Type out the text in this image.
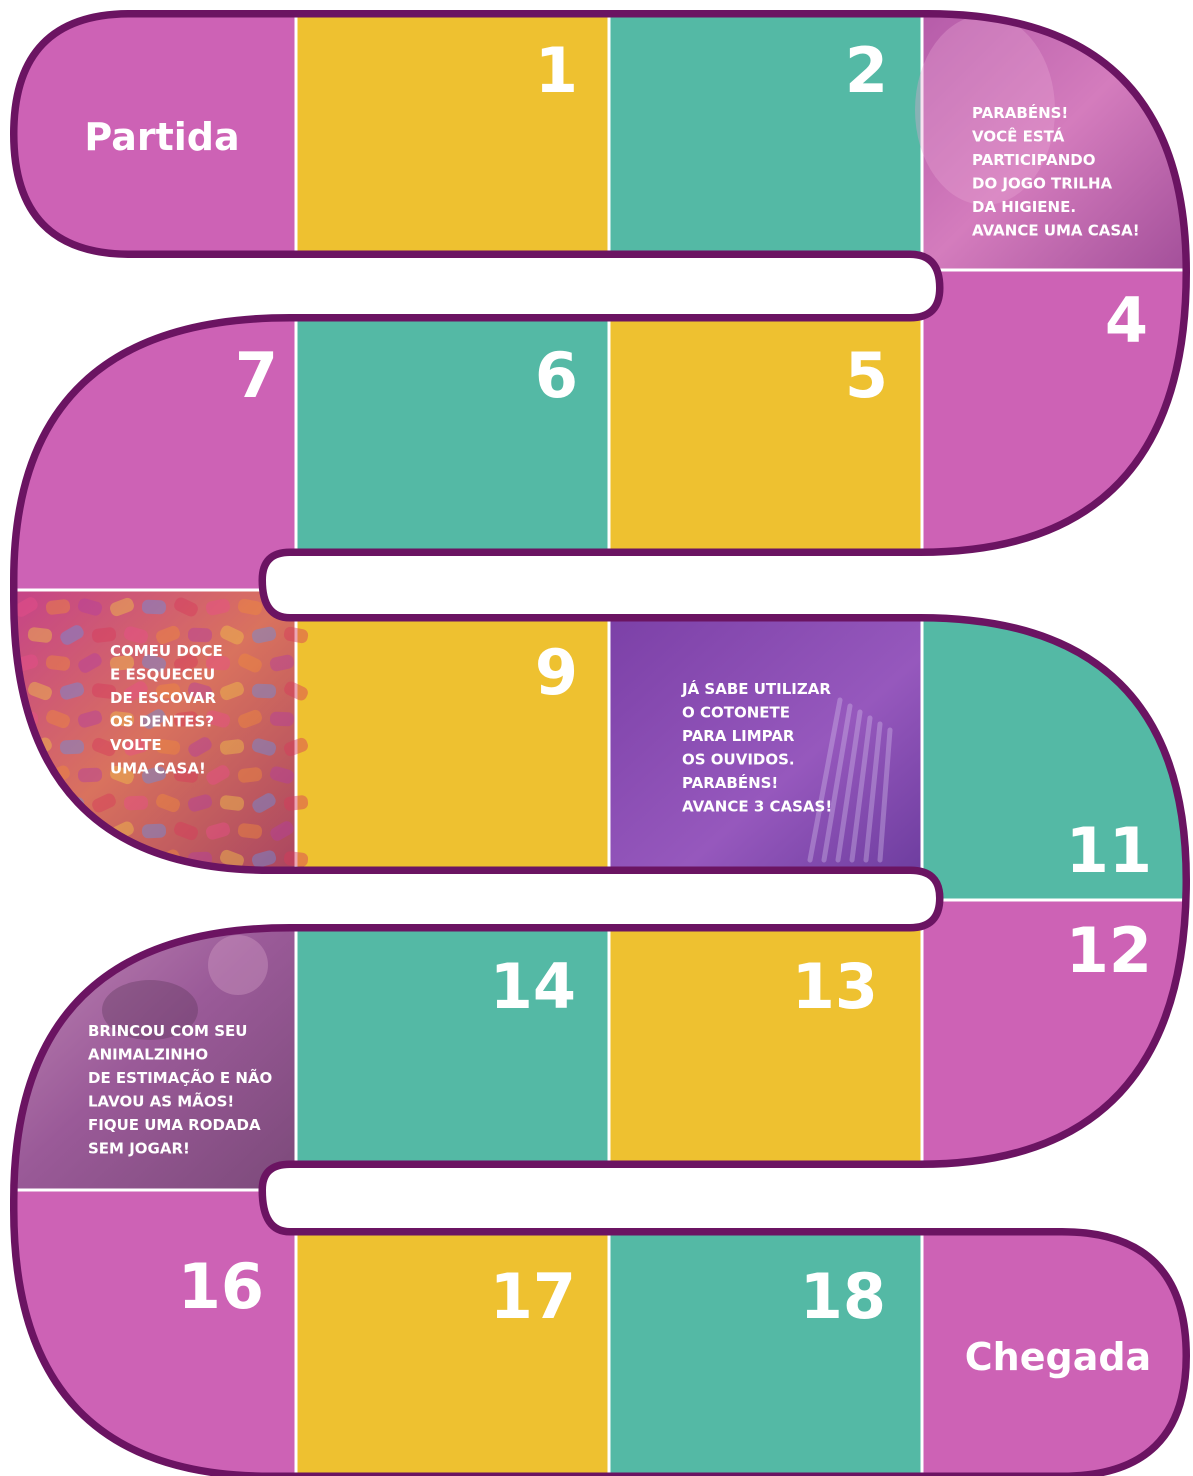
1	2
4
5
6
7
9
11
12
13
14
16	17	18
Partida
Chegada
PARABÉNS! VOCÊ ESTÁ PARTICIPANDO DO JOGO TRILHA DA HIGIENE. AVANCE UMA CASA!
COMEU DOCE E ESQUECEU DE ESCOVAR OS DENTES? VOLTE UMA CASA!
JÁ SABE UTILIZAR O COTONETE PARA LIMPAR OS OUVIDOS. PARABÉNS! AVANCE 3 CASAS!
BRINCOU COM SEU ANIMALZINHO DE ESTIMAÇÃO E NÃO LAVOU AS MÃOS! FIQUE UMA RODADA SEM JOGAR!
